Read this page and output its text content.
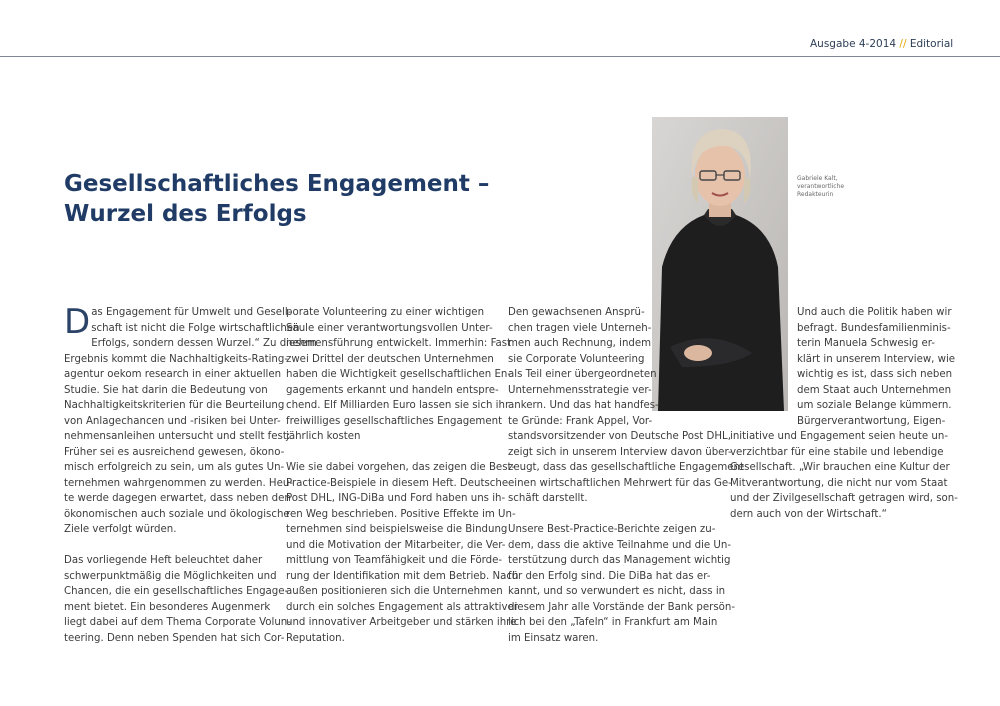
Ausgabe 4-2014 // Editorial
Gesellschaftliches Engagement –
Wurzel des Erfolgs
Gabriele Kalt,
verantwortliche
Redakteurin

D as Engagement für Umwelt und Gesell-
schaft ist nicht die Folge wirtschaftlichen
Erfolgs, sondern dessen Wurzel.“ Zu diesem
Ergebnis kommt die Nachhaltigkeits-Rating-
agentur oekom research in einer aktuellen
Studie. Sie hat darin die Bedeutung von
Nachhaltigkeitskriterien für die Beurteilung
von Anlagechancen und -risiken bei Unter-
nehmensanleihen untersucht und stellt fest:
Früher sei es ausreichend gewesen, ökono-
misch erfolgreich zu sein, um als gutes Un-
ternehmen wahrgenommen zu werden. Heu-
te werde dagegen erwartet, dass neben den
ökonomischen auch soziale und ökologische
Ziele verfolgt würden.

Das vorliegende Heft beleuchtet daher
schwerpunktmäßig die Möglichkeiten und
Chancen, die ein gesellschaftliches Engage-
ment bietet. Ein besonderes Augenmerk
liegt dabei auf dem Thema Corporate Volun-
teering. Denn neben Spenden hat sich Cor-

porate Volunteering zu einer wichtigen
Säule einer verantwortungsvollen Unter-
nehmensführung entwickelt. Immerhin: Fast
zwei Drittel der deutschen Unternehmen
haben die Wichtigkeit gesellschaftlichen En-
gagements erkannt und handeln entspre-
chend. Elf Milliarden Euro lassen sie sich ihr
freiwilliges gesellschaftliches Engagement
jährlich kosten

Wie sie dabei vorgehen, das zeigen die Best-
Practice-Beispiele in diesem Heft. Deutsche
Post DHL, ING-DiBa und Ford haben uns ih-
ren Weg beschrieben. Positive Effekte im Un-
ternehmen sind beispielsweise die Bindung
und die Motivation der Mitarbeiter, die Ver-
mittlung von Teamfähigkeit und die Förde-
rung der Identifikation mit dem Betrieb. Nach
außen positionieren sich die Unternehmen
durch ein solches Engagement als attraktiver
und innovativer Arbeitgeber und stärken ihre
Reputation.

Den gewachsenen Ansprü-
chen tragen viele Unterneh-
men auch Rechnung, indem
sie Corporate Volunteering
als Teil einer übergeordneten
Unternehmensstrategie ver-
ankern. Und das hat handfes-
te Gründe: Frank Appel, Vor-
standsvorsitzender von Deutsche Post DHL,
zeigt sich in unserem Interview davon über-
zeugt, dass das gesellschaftliche Engagement
einen wirtschaftlichen Mehrwert für das Ge-
schäft darstellt.

Unsere Best-Practice-Berichte zeigen zu-
dem, dass die aktive Teilnahme und die Un-
terstützung durch das Management wichtig
für den Erfolg sind. Die DiBa hat das er-
kannt, und so verwundert es nicht, dass in
diesem Jahr alle Vorstände der Bank persön-
lich bei den „Tafeln“ in Frankfurt am Main
im Einsatz waren.

Und auch die Politik haben wir
befragt. Bundesfamilienminis-
terin Manuela Schwesig er-
klärt in unserem Interview, wie
wichtig es ist, dass sich neben
dem Staat auch Unternehmen
um soziale Belange kümmern.
Bürgerverantwortung, Eigen-
initiative und Engagement seien heute un-
verzichtbar für eine stabile und lebendige
Gesellschaft. „Wir brauchen eine Kultur der
Mitverantwortung, die nicht nur vom Staat
und der Zivilgesellschaft getragen wird, son-
dern auch von der Wirtschaft.“
